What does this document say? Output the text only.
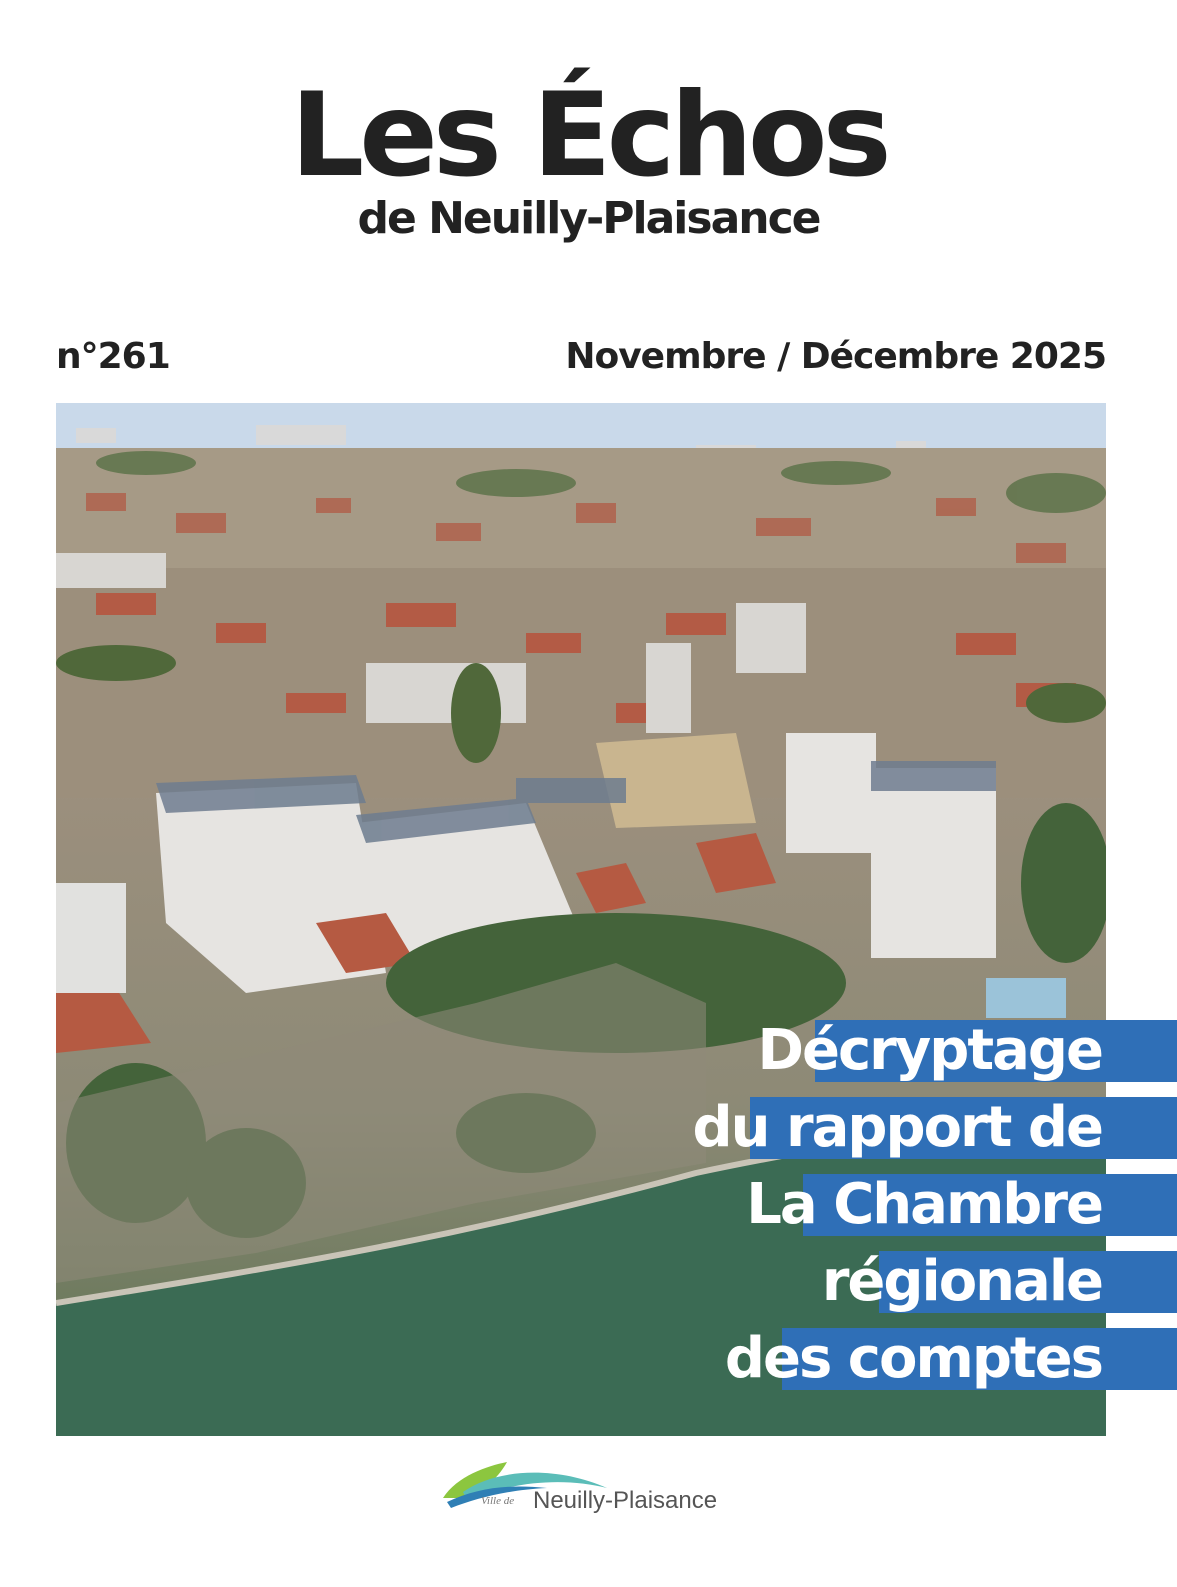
Les Échos
de Neuilly-Plaisance
n°261	Novembre / Décembre 2025
Décryptage
du rapport de
La Chambre
régionale
des comptes
Ville de Neuilly-Plaisance
